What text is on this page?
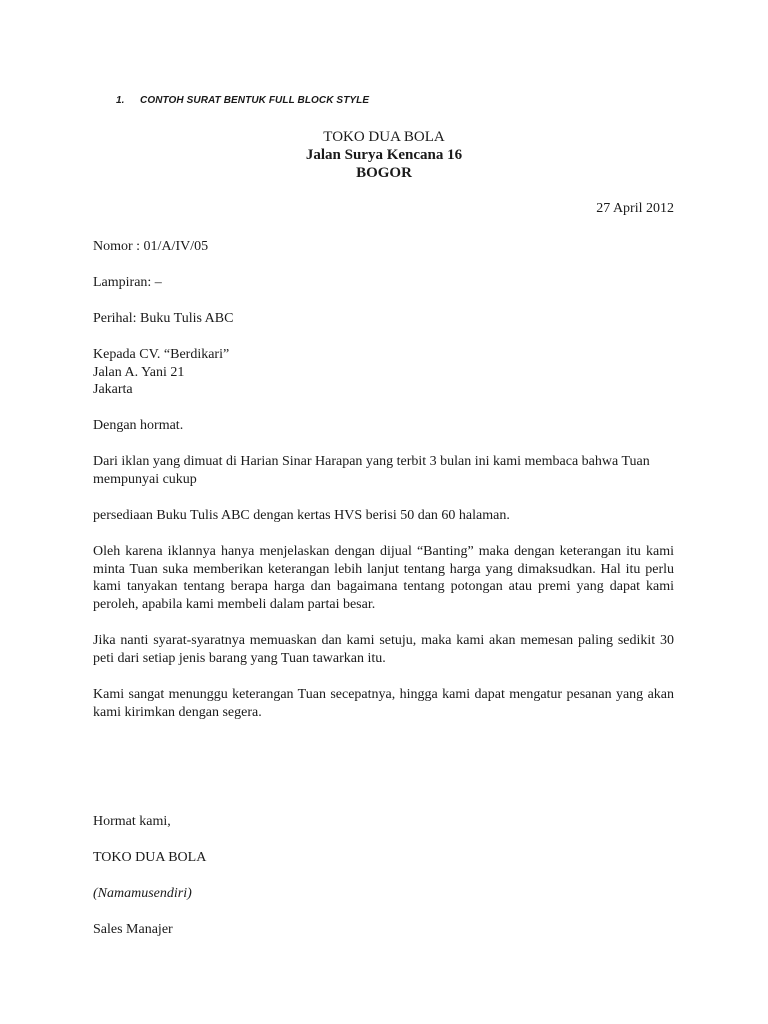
1. CONTOH SURAT BENTUK FULL BLOCK STYLE
TOKO DUA BOLA
Jalan Surya Kencana 16
BOGOR
27 April 2012
Nomor : 01/A/IV/05
Lampiran: –
Perihal: Buku Tulis ABC
Kepada CV. “Berdikari”
Jalan A. Yani 21
Jakarta
Dengan hormat.
Dari iklan yang dimuat di Harian Sinar Harapan yang terbit 3 bulan ini kami membaca bahwa Tuan mempunyai cukup
persediaan Buku Tulis ABC dengan kertas HVS berisi 50 dan 60 halaman.
Oleh karena iklannya hanya menjelaskan dengan dijual “Banting” maka dengan keterangan itu kami minta Tuan suka memberikan keterangan lebih lanjut tentang harga yang dimaksudkan. Hal itu perlu kami tanyakan tentang berapa harga dan bagaimana tentang potongan atau premi yang dapat kami peroleh, apabila kami membeli dalam partai besar.
Jika nanti syarat-syaratnya memuaskan dan kami setuju, maka kami akan memesan paling sedikit 30 peti dari setiap jenis barang yang Tuan tawarkan itu.
Kami sangat menunggu keterangan Tuan secepatnya, hingga kami dapat mengatur pesanan yang akan kami kirimkan dengan segera.
Hormat kami,
TOKO DUA BOLA
(Namamusendiri)
Sales Manajer
